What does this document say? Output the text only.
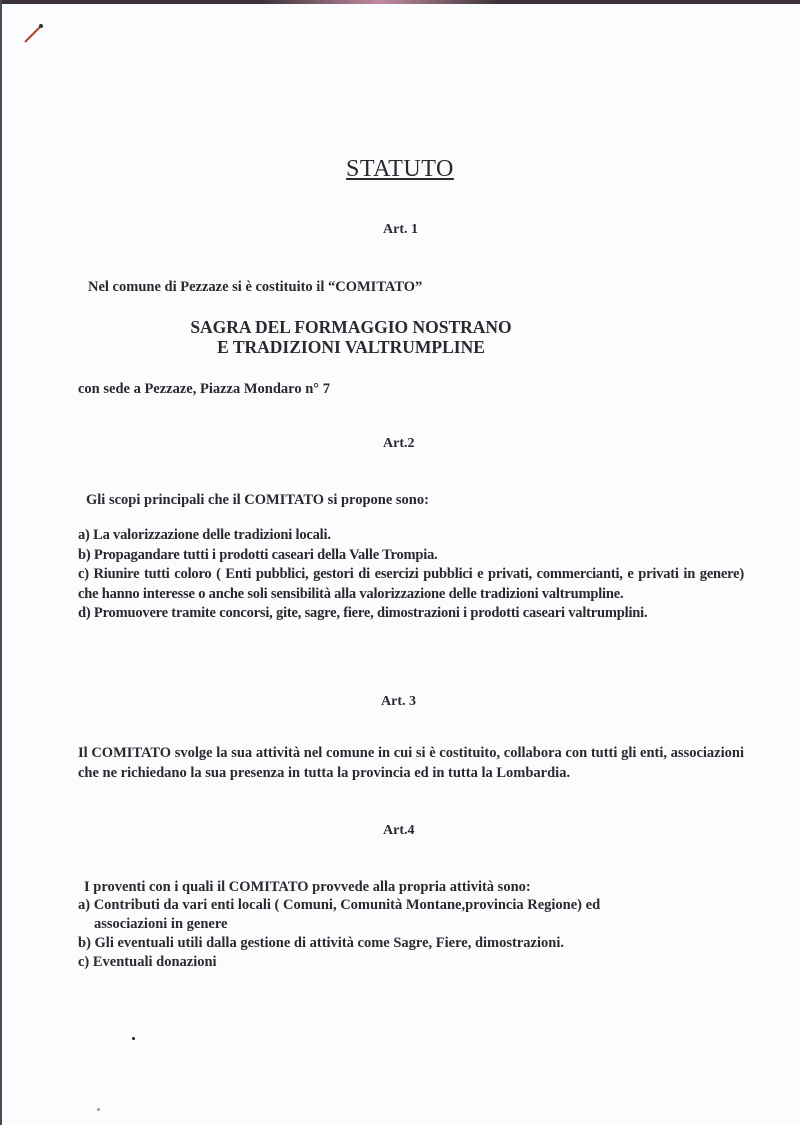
STATUTO
Art. 1
Nel comune di Pezzaze si è costituito il “COMITATO”
SAGRA DEL FORMAGGIO NOSTRANO
E TRADIZIONI VALTRUMPLINE
con sede a Pezzaze, Piazza Mondaro n° 7
Art.2
Gli scopi principali che il COMITATO si propone sono:
a) La valorizzazione delle tradizioni locali.
b) Propagandare tutti i prodotti caseari della Valle Trompia.
c) Riunire tutti coloro ( Enti pubblici, gestori di esercizi pubblici e privati, commercianti, e privati in genere) che hanno interesse o anche soli sensibilità alla valorizzazione delle tradizioni valtrumpline.
d) Promuovere tramite concorsi, gite, sagre, fiere, dimostrazioni i prodotti caseari valtrumplini.
Art. 3
Il COMITATO svolge la sua attività nel comune in cui si è costituito, collabora con tutti gli enti, associazioni che ne richiedano la sua presenza in tutta la provincia ed in tutta la Lombardia.
Art.4
I proventi con i quali il COMITATO provvede alla propria attività sono:
a) Contributi da vari enti locali ( Comuni, Comunità Montane,provincia Regione) ed
associazioni in genere
b) Gli eventuali utili dalla gestione di attività come Sagre, Fiere, dimostrazioni.
c) Eventuali donazioni
